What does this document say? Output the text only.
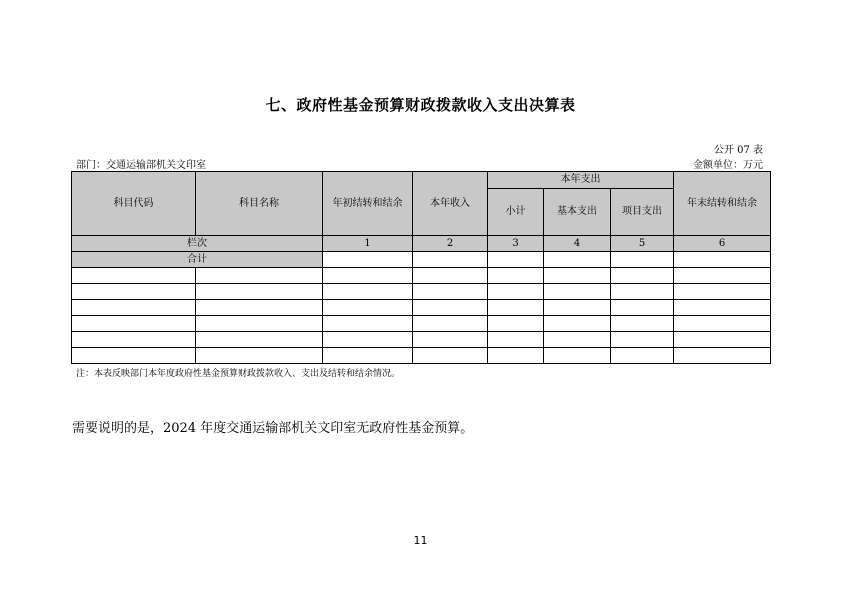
七、政府性基金预算财政拨款收入支出决算表
公开 07 表
部门：交通运输部机关文印室	金额单位：万元
科目代码	科目名称	年初结转和结余	本年收入	本年支出			年末结转和结余
				小计	基本支出	项目支出	
栏次		1	2	3	4	5	6
合计							

注：本表反映部门本年度政府性基金预算财政拨款收入、支出及结转和结余情况。
需要说明的是，2024 年度交通运输部机关文印室无政府性基金预算。
11
